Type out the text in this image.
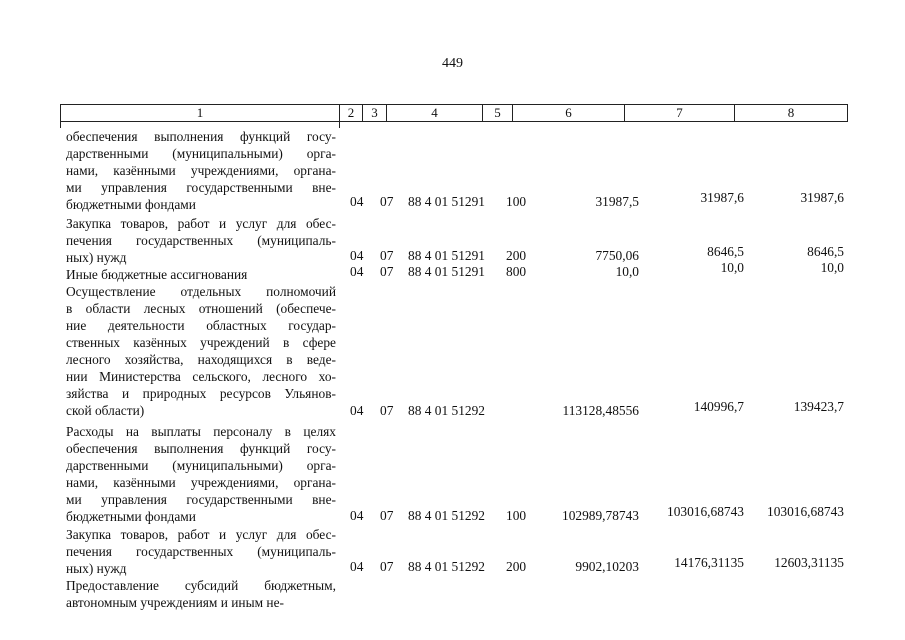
449
1	2	3	4	5	6	7	8
обеспечения выполнения функций госу-
дарственными (муниципальными) орга-
нами, казёнными учреждениями, органа-
ми управления государственными вне-
бюджетными фондами	04 07 88 4 01 51291 100	31987,5	31987,6	31987,6
Закупка товаров, работ и услуг для обес-
печения государственных (муниципаль-
ных) нужд	04 07 88 4 01 51291 200	7750,06	8646,5	8646,5
Иные бюджетные ассигнования	04 07 88 4 01 51291 800	10,0	10,0	10,0
Осуществление отдельных полномочий
в области лесных отношений (обеспече-
ние деятельности областных государ-
ственных казённых учреждений в сфере
лесного хозяйства, находящихся в веде-
нии Министерства сельского, лесного хо-
зяйства и природных ресурсов Ульянов-
ской области)	04 07 88 4 01 51292	113128,48556	140996,7	139423,7
Расходы на выплаты персоналу в целях
обеспечения выполнения функций госу-
дарственными (муниципальными) орга-
нами, казёнными учреждениями, органа-
ми управления государственными вне-
бюджетными фондами	04 07 88 4 01 51292 100	102989,78743 103016,68743 103016,68743
Закупка товаров, работ и услуг для обес-
печения государственных (муниципаль-
ных) нужд	04 07 88 4 01 51292 200	9902,10203	14176,31135 12603,31135
Предоставление субсидий бюджетным,
автономным учреждениям и иным не-
